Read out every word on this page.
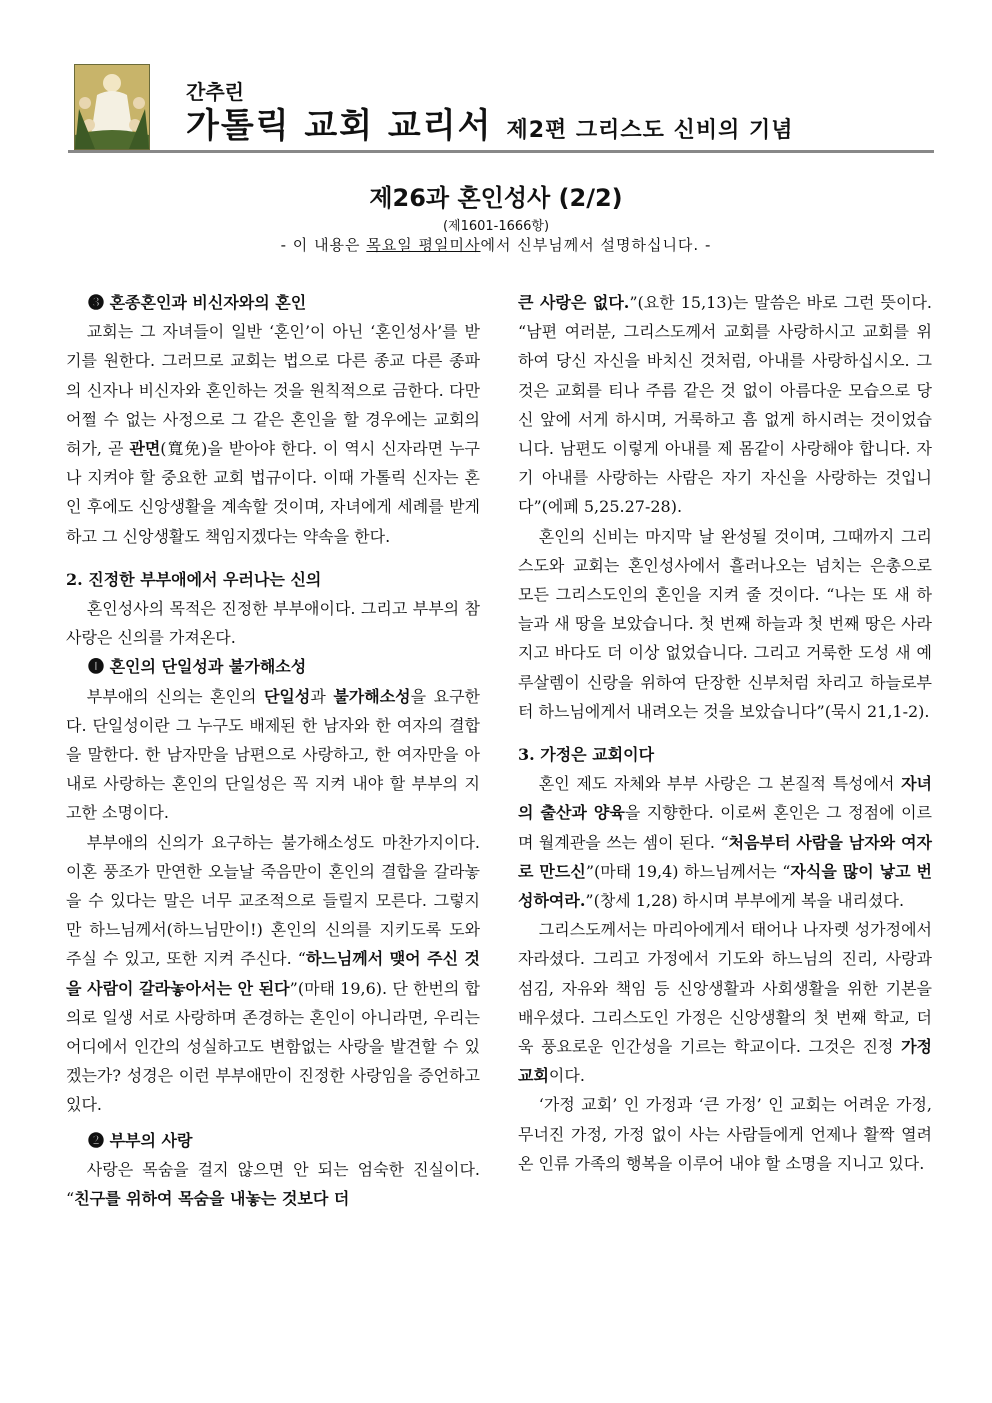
간추린
가톨릭 교회 교리서 제2편 그리스도 신비의 기념
제26과 혼인성사 (2/2)
(제1601-1666항)
- 이 내용은 목요일 평일미사에서 신부님께서 설명하십니다. -

❸ 혼종혼인과 비신자와의 혼인

교회는 그 자녀들이 일반 ‘혼인’이 아닌 ‘혼인성사’를 받기를 원한다. 그러므로 교회는 법으로 다른 종교 다른 종파의 신자나 비신자와 혼인하는 것을 원칙적으로 금한다. 다만 어쩔 수 없는 사정으로 그 같은 혼인을 할 경우에는 교회의 허가, 곧 관면(寬免)을 받아야 한다. 이 역시 신자라면 누구나 지켜야 할 중요한 교회 법규이다. 이때 가톨릭 신자는 혼인 후에도 신앙생활을 계속할 것이며, 자녀에게 세례를 받게 하고 그 신앙생활도 책임지겠다는 약속을 한다.

2. 진정한 부부애에서 우러나는 신의

혼인성사의 목적은 진정한 부부애이다. 그리고 부부의 참사랑은 신의를 가져온다.

❶ 혼인의 단일성과 불가해소성

부부애의 신의는 혼인의 단일성과 불가해소성을 요구한다. 단일성이란 그 누구도 배제된 한 남자와 한 여자의 결합을 말한다. 한 남자만을 남편으로 사랑하고, 한 여자만을 아내로 사랑하는 혼인의 단일성은 꼭 지켜 내야 할 부부의 지고한 소명이다.

부부애의 신의가 요구하는 불가해소성도 마찬가지이다. 이혼 풍조가 만연한 오늘날 죽음만이 혼인의 결합을 갈라놓을 수 있다는 말은 너무 교조적으로 들릴지 모른다. 그렇지만 하느님께서(하느님만이!) 혼인의 신의를 지키도록 도와주실 수 있고, 또한 지켜 주신다. “하느님께서 맺어 주신 것을 사람이 갈라놓아서는 안 된다”(마태 19,6). 단 한번의 합의로 일생 서로 사랑하며 존경하는 혼인이 아니라면, 우리는 어디에서 인간의 성실하고도 변함없는 사랑을 발견할 수 있겠는가? 성경은 이런 부부애만이 진정한 사랑임을 증언하고 있다.

❷ 부부의 사랑

사랑은 목숨을 걸지 않으면 안 되는 엄숙한 진실이다. “친구를 위하여 목숨을 내놓는 것보다 더

큰 사랑은 없다.”(요한 15,13)는 말씀은 바로 그런 뜻이다. “남편 여러분, 그리스도께서 교회를 사랑하시고 교회를 위하여 당신 자신을 바치신 것처럼, 아내를 사랑하십시오. 그것은 교회를 티나 주름 같은 것 없이 아름다운 모습으로 당신 앞에 서게 하시며, 거룩하고 흠 없게 하시려는 것이었습니다. 남편도 이렇게 아내를 제 몸같이 사랑해야 합니다. 자기 아내를 사랑하는 사람은 자기 자신을 사랑하는 것입니다”(에페 5,25.27-28).

혼인의 신비는 마지막 날 완성될 것이며, 그때까지 그리스도와 교회는 혼인성사에서 흘러나오는 넘치는 은총으로 모든 그리스도인의 혼인을 지켜 줄 것이다. “나는 또 새 하늘과 새 땅을 보았습니다. 첫 번째 하늘과 첫 번째 땅은 사라지고 바다도 더 이상 없었습니다. 그리고 거룩한 도성 새 예루살렘이 신랑을 위하여 단장한 신부처럼 차리고 하늘로부터 하느님에게서 내려오는 것을 보았습니다”(묵시 21,1-2).

3. 가정은 교회이다

혼인 제도 자체와 부부 사랑은 그 본질적 특성에서 자녀의 출산과 양육을 지향한다. 이로써 혼인은 그 정점에 이르며 월계관을 쓰는 셈이 된다. “처음부터 사람을 남자와 여자로 만드신”(마태 19,4) 하느님께서는 “자식을 많이 낳고 번성하여라.”(창세 1,28) 하시며 부부에게 복을 내리셨다.

그리스도께서는 마리아에게서 태어나 나자렛 성가정에서 자라셨다. 그리고 가정에서 기도와 하느님의 진리, 사랑과 섬김, 자유와 책임 등 신앙생활과 사회생활을 위한 기본을 배우셨다. 그리스도인 가정은 신앙생활의 첫 번째 학교, 더욱 풍요로운 인간성을 기르는 학교이다. 그것은 진정 가정 교회이다.

‘가정 교회’ 인 가정과 ‘큰 가정’ 인 교회는 어려운 가정, 무너진 가정, 가정 없이 사는 사람들에게 언제나 활짝 열려 온 인류 가족의 행복을 이루어 내야 할 소명을 지니고 있다.
